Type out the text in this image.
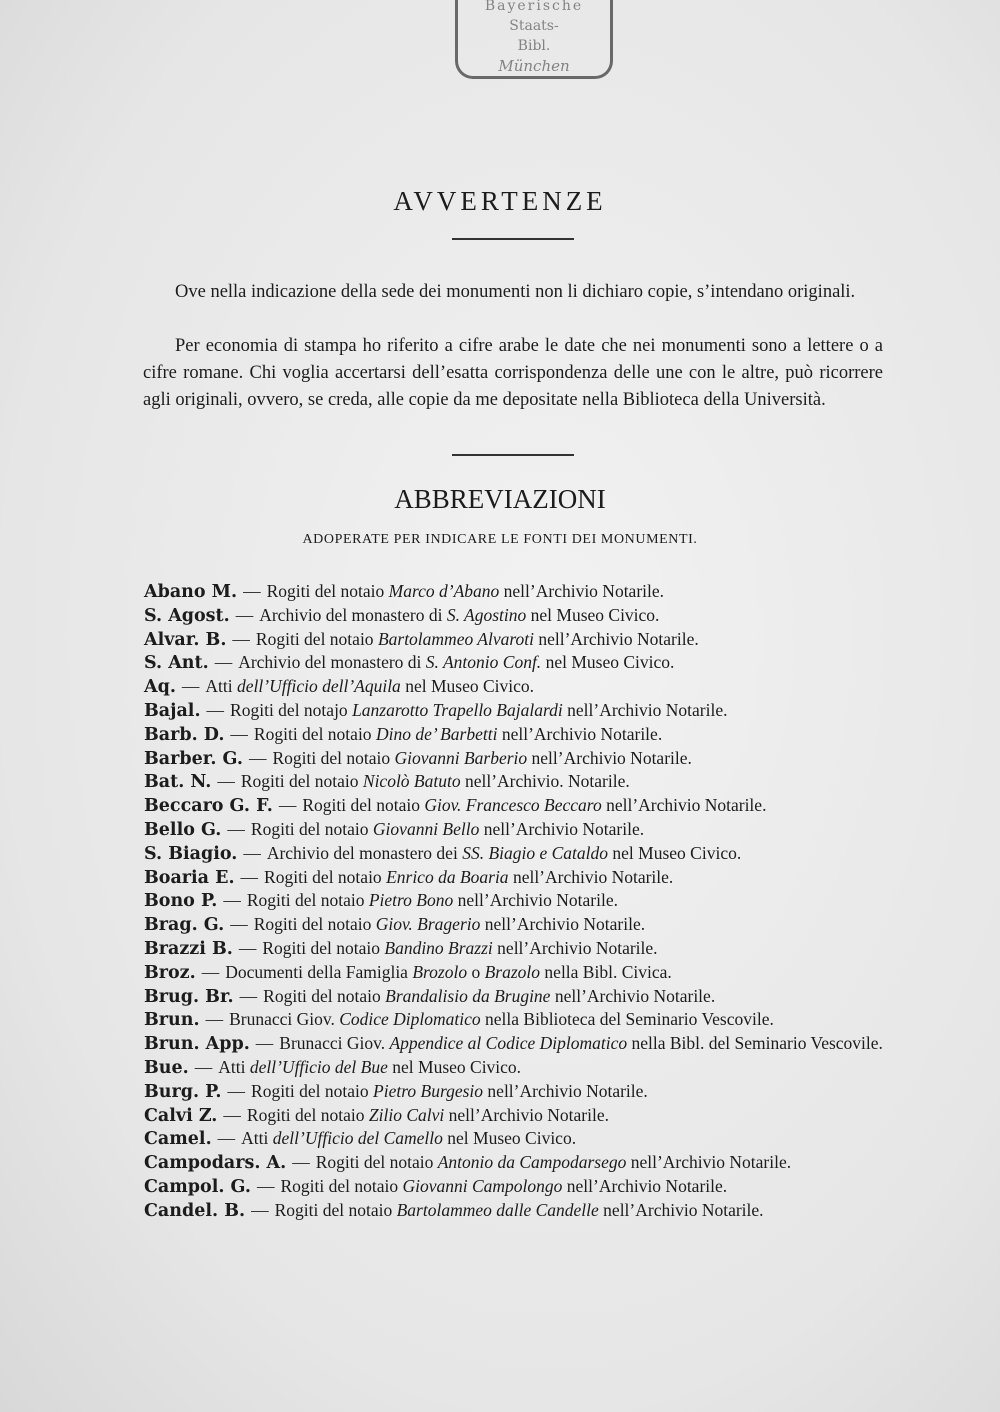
Bayerische
Staats-
Bibl.
München
AVVERTENZE

Ove nella indicazione della sede dei monumenti non li dichiaro copie, s’intendano originali.

Per economia di stampa ho riferito a cifre arabe le date che nei monumenti sono a lettere o a cifre romane. Chi voglia accertarsi dell’esatta corrispondenza delle une con le altre, può ricorrere agli originali, ovvero, se creda, alle copie da me depositate nella Biblioteca della Università.

ABBREVIAZIONI

ADOPERATE PER INDICARE LE FONTI DEI MONUMENTI.

Abano M. — Rogiti del notaio Marco d’Abano nell’Archivio Notarile.
S. Agost. — Archivio del monastero di S. Agostino nel Museo Civico.
Alvar. B. — Rogiti del notaio Bartolammeo Alvaroti nell’Archivio Notarile.
S. Ant. — Archivio del monastero di S. Antonio Conf. nel Museo Civico.
Aq. — Atti dell’Ufficio dell’Aquila nel Museo Civico.
Bajal. — Rogiti del notajo Lanzarotto Trapello Bajalardi nell’Archivio Notarile.
Barb. D. — Rogiti del notaio Dino de’ Barbetti nell’Archivio Notarile.
Barber. G. — Rogiti del notaio Giovanni Barberio nell’Archivio Notarile.
Bat. N. — Rogiti del notaio Nicolò Batuto nell’Archivio. Notarile.
Beccaro G. F. — Rogiti del notaio Giov. Francesco Beccaro nell’Archivio Notarile.
Bello G. — Rogiti del notaio Giovanni Bello nell’Archivio Notarile.
S. Biagio. — Archivio del monastero dei SS. Biagio e Cataldo nel Museo Civico.
Boaria E. — Rogiti del notaio Enrico da Boaria nell’Archivio Notarile.
Bono P. — Rogiti del notaio Pietro Bono nell’Archivio Notarile.
Brag. G. — Rogiti del notaio Giov. Bragerio nell’Archivio Notarile.
Brazzi B. — Rogiti del notaio Bandino Brazzi nell’Archivio Notarile.
Broz. — Documenti della Famiglia Brozolo o Brazolo nella Bibl. Civica.
Brug. Br. — Rogiti del notaio Brandalisio da Brugine nell’Archivio Notarile.
Brun. — Brunacci Giov. Codice Diplomatico nella Biblioteca del Seminario Vescovile.
Brun. App. — Brunacci Giov. Appendice al Codice Diplomatico nella Bibl. del Seminario Vescovile.
Bue. — Atti dell’Ufficio del Bue nel Museo Civico.
Burg. P. — Rogiti del notaio Pietro Burgesio nell’Archivio Notarile.
Calvi Z. — Rogiti del notaio Zilio Calvi nell’Archivio Notarile.
Camel. — Atti dell’Ufficio del Camello nel Museo Civico.
Campodars. A. — Rogiti del notaio Antonio da Campodarsego nell’Archivio Notarile.
Campol. G. — Rogiti del notaio Giovanni Campolongo nell’Archivio Notarile.
Candel. B. — Rogiti del notaio Bartolammeo dalle Candelle nell’Archivio Notarile.
